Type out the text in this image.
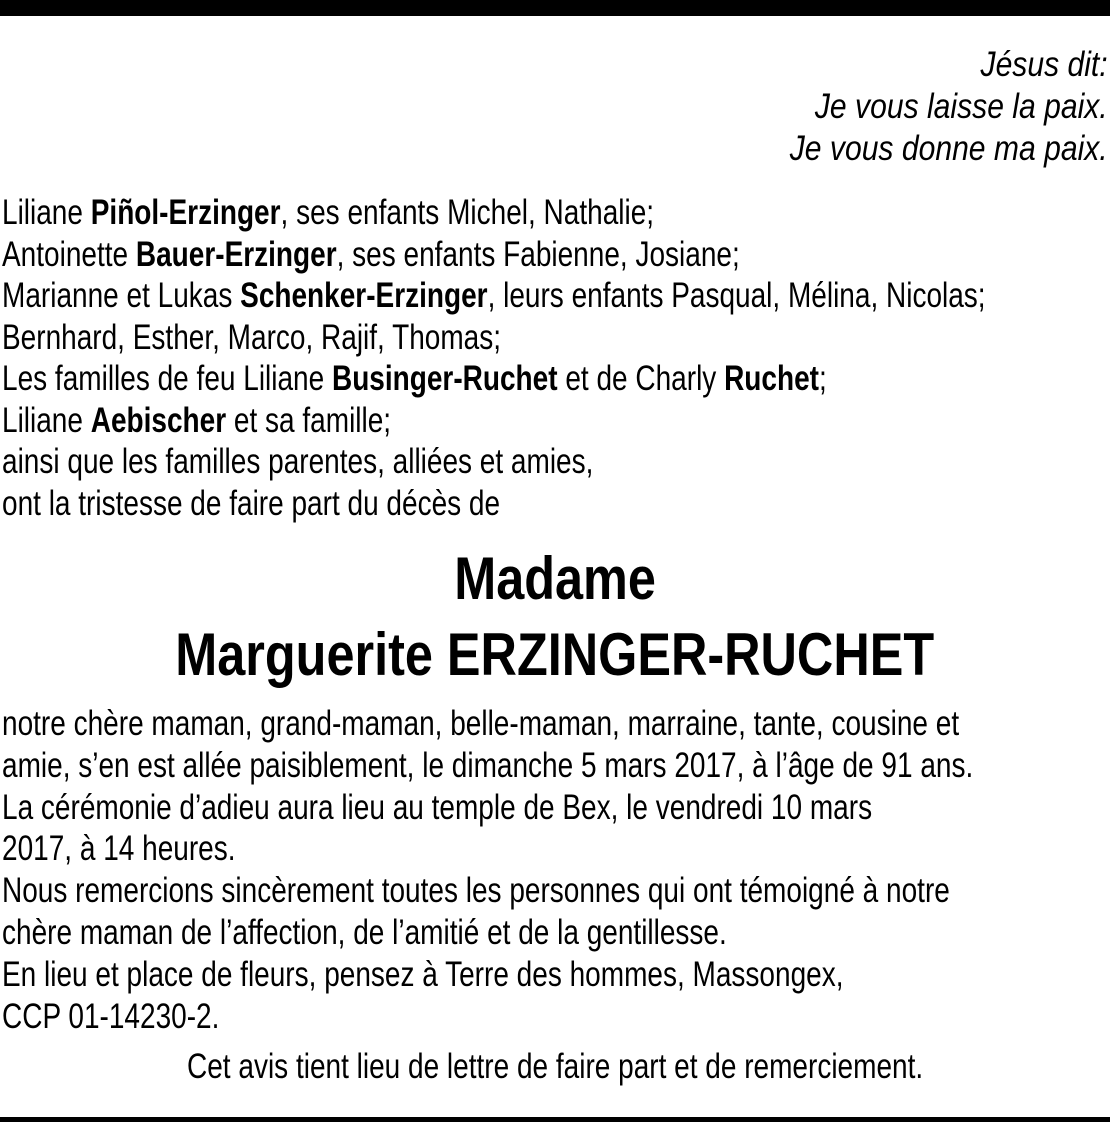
Jésus dit:
Je vous laisse la paix.
Je vous donne ma paix.
Liliane Piñol-Erzinger, ses enfants Michel, Nathalie;
Antoinette Bauer-Erzinger, ses enfants Fabienne, Josiane;
Marianne et Lukas Schenker-Erzinger, leurs enfants Pasqual, Mélina, Nicolas;
Bernhard, Esther, Marco, Rajif, Thomas;
Les familles de feu Liliane Businger-Ruchet et de Charly Ruchet;
Liliane Aebischer et sa famille;
ainsi que les familles parentes, alliées et amies,
ont la tristesse de faire part du décès de
Madame
Marguerite ERZINGER-RUCHET
notre chère maman, grand-maman, belle-maman, marraine, tante, cousine et
amie, s’en est allée paisiblement, le dimanche 5 mars 2017, à l’âge de 91 ans.
La cérémonie d’adieu aura lieu au temple de Bex, le vendredi 10 mars
2017, à 14 heures.
Nous remercions sincèrement toutes les personnes qui ont témoigné à notre
chère maman de l’affection, de l’amitié et de la gentillesse.
En lieu et place de fleurs, pensez à Terre des hommes, Massongex,
CCP 01-14230-2.
Cet avis tient lieu de lettre de faire part et de remerciement.
